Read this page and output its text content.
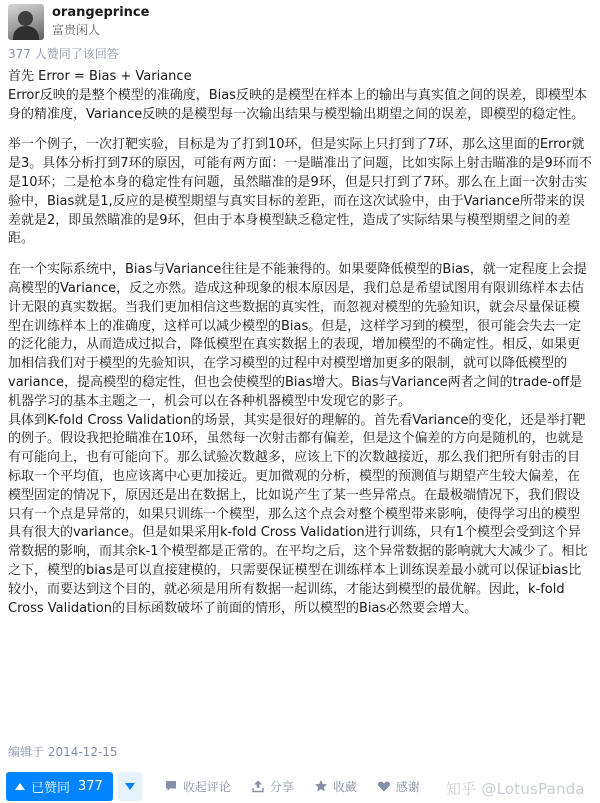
orangeprince
富贵闲人
377 人赞同了该回答

首先 Error = Bias + Variance

Error反映的是整个模型的准确度，Bias反映的是模型在样本上的输出与真实值之间的误差，即模型本身的精准度，Variance反映的是模型每一次输出结果与模型输出期望之间的误差，即模型的稳定性。

举一个例子，一次打靶实验，目标是为了打到10环，但是实际上只打到了7环，那么这里面的Error就是3。具体分析打到7环的原因，可能有两方面：一是瞄准出了问题，比如实际上射击瞄准的是9环而不是10环；二是枪本身的稳定性有问题，虽然瞄准的是9环，但是只打到了7环。那么在上面一次射击实验中，Bias就是1,反应的是模型期望与真实目标的差距，而在这次试验中，由于Variance所带来的误差就是2，即虽然瞄准的是9环，但由于本身模型缺乏稳定性，造成了实际结果与模型期望之间的差距。

在一个实际系统中，Bias与Variance往往是不能兼得的。如果要降低模型的Bias，就一定程度上会提高模型的Variance，反之亦然。造成这种现象的根本原因是，我们总是希望试图用有限训练样本去估计无限的真实数据。当我们更加相信这些数据的真实性，而忽视对模型的先验知识，就会尽量保证模型在训练样本上的准确度，这样可以减少模型的Bias。但是，这样学习到的模型，很可能会失去一定的泛化能力，从而造成过拟合，降低模型在真实数据上的表现，增加模型的不确定性。相反，如果更加相信我们对于模型的先验知识，在学习模型的过程中对模型增加更多的限制，就可以降低模型的variance，提高模型的稳定性，但也会使模型的Bias增大。Bias与Variance两者之间的trade-off是机器学习的基本主题之一，机会可以在各种机器模型中发现它的影子。

具体到K-fold Cross Validation的场景，其实是很好的理解的。首先看Variance的变化，还是举打靶的例子。假设我把抢瞄准在10环，虽然每一次射击都有偏差，但是这个偏差的方向是随机的，也就是有可能向上，也有可能向下。那么试验次数越多，应该上下的次数越接近，那么我们把所有射击的目标取一个平均值，也应该离中心更加接近。更加微观的分析，模型的预测值与期望产生较大偏差，在模型固定的情况下，原因还是出在数据上，比如说产生了某一些异常点。在最极端情况下，我们假设只有一个点是异常的，如果只训练一个模型，那么这个点会对整个模型带来影响，使得学习出的模型具有很大的variance。但是如果采用k-fold Cross Validation进行训练，只有1个模型会受到这个异常数据的影响，而其余k-1个模型都是正常的。在平均之后，这个异常数据的影响就大大减少了。相比之下，模型的bias是可以直接建模的，只需要保证模型在训练样本上训练误差最小就可以保证bias比较小，而要达到这个目的，就必须是用所有数据一起训练，才能达到模型的最优解。因此，k-fold Cross Validation的目标函数破坏了前面的情形，所以模型的Bias必然要会增大。

编辑于 2014-12-15
已赞同 377	收起评论	分享	收藏	感谢 知乎 @LotusPanda
